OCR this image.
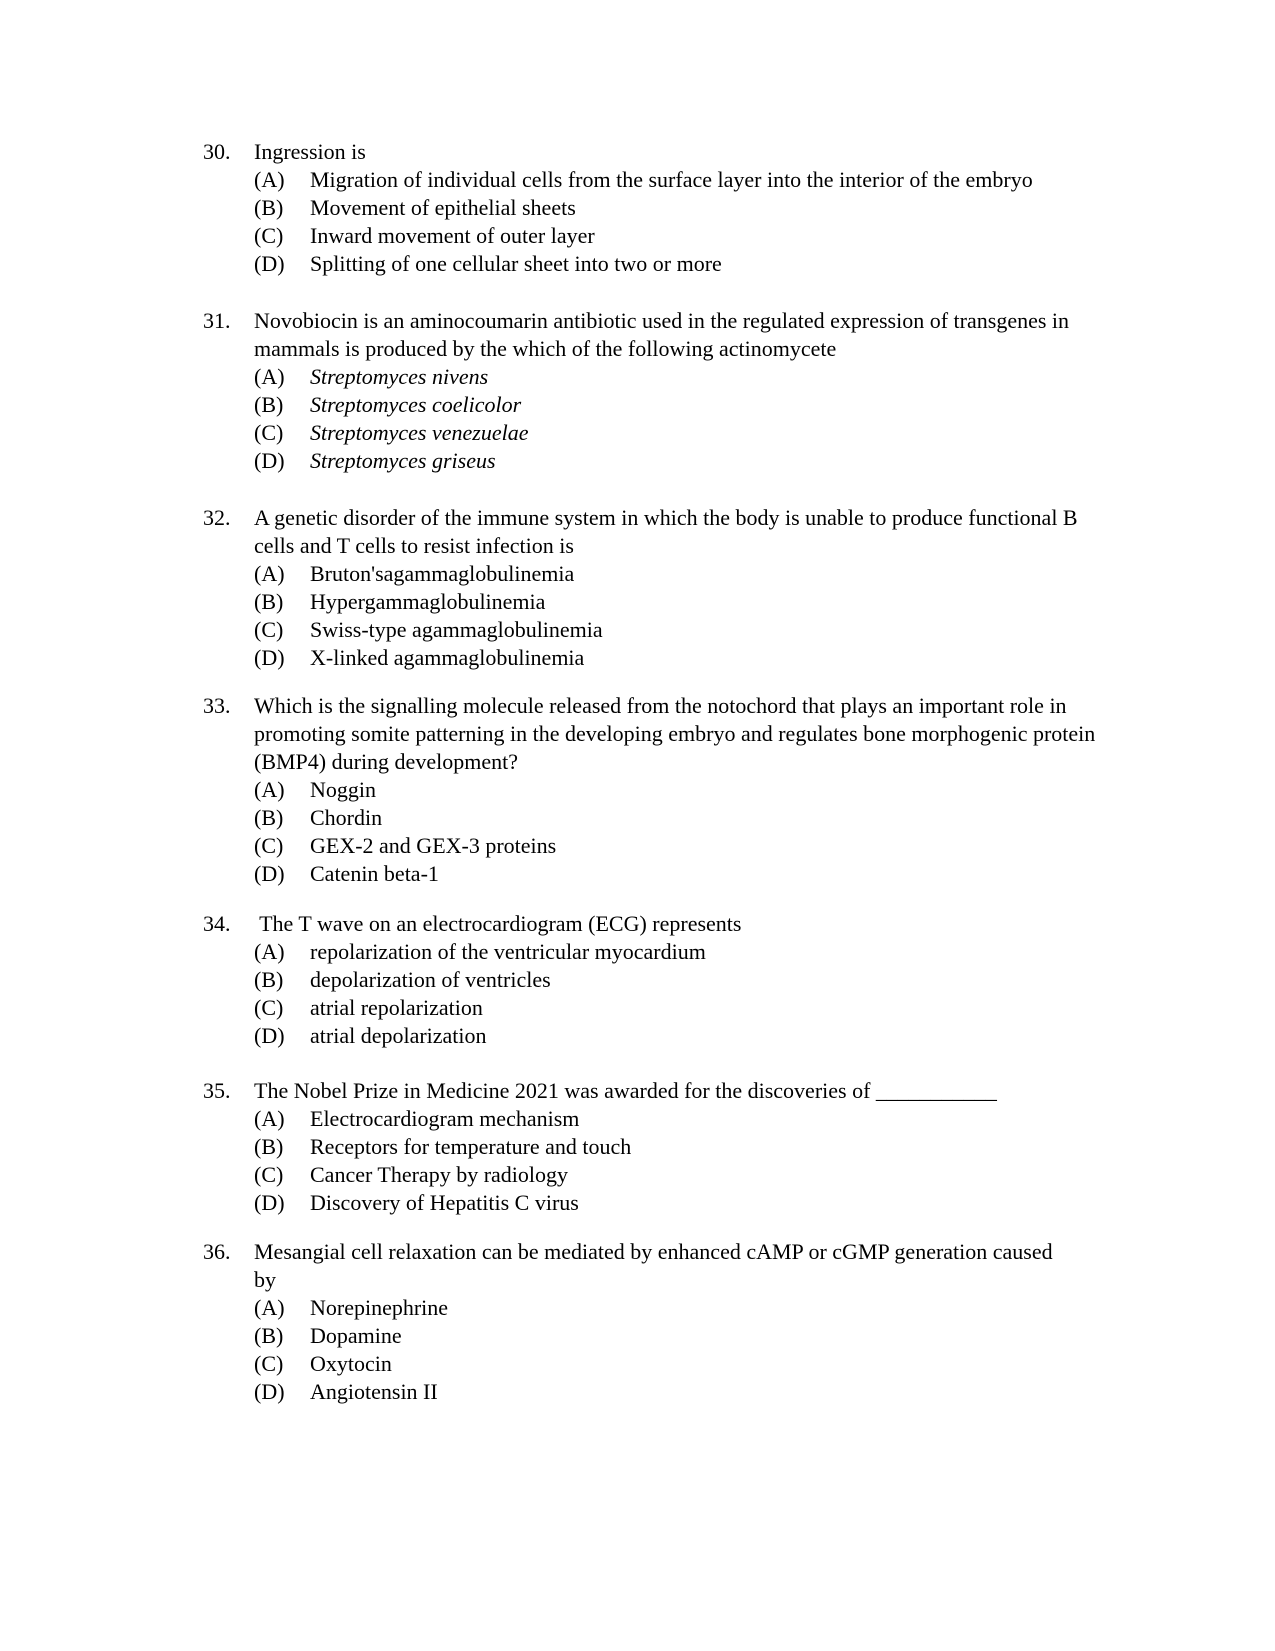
30.	Ingression is
(A) Migration of individual cells from the surface layer into the interior of the embryo
(B) Movement of epithelial sheets
(C) Inward movement of outer layer
(D) Splitting of one cellular sheet into two or more
31.	Novobiocin is an aminocoumarin antibiotic used in the regulated expression of transgenes in mammals is produced by the which of the following actinomycete
(A) Streptomyces nivens
(B) Streptomyces coelicolor
(C) Streptomyces venezuelae
(D) Streptomyces griseus
32.	A genetic disorder of the immune system in which the body is unable to produce functional B cells and T cells to resist infection is
(A) Bruton'sagammaglobulinemia
(B) Hypergammaglobulinemia
(C) Swiss-type agammaglobulinemia
(D) X-linked agammaglobulinemia
33.	Which is the signalling molecule released from the notochord that plays an important role in promoting somite patterning in the developing embryo and regulates bone morphogenic protein (BMP4) during development?
(A) Noggin
(B) Chordin
(C) GEX-2 and GEX-3 proteins
(D) Catenin beta-1
34.	The T wave on an electrocardiogram (ECG) represents
(A) repolarization of the ventricular myocardium
(B) depolarization of ventricles
(C) atrial repolarization
(D) atrial depolarization
35.	The Nobel Prize in Medicine 2021 was awarded for the discoveries of ___________
(A) Electrocardiogram mechanism
(B) Receptors for temperature and touch
(C) Cancer Therapy by radiology
(D) Discovery of Hepatitis C virus
36.	Mesangial cell relaxation can be mediated by enhanced cAMP or cGMP generation caused by
(A) Norepinephrine
(B) Dopamine
(C) Oxytocin
(D) Angiotensin II
